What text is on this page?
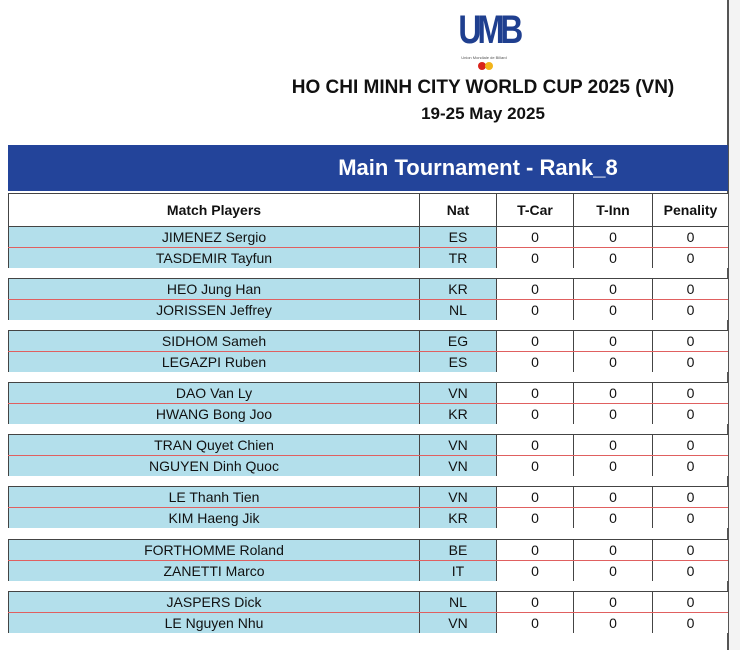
UMB
Union Mondiale de Billard
HO CHI MINH CITY WORLD CUP 2025 (VN)
19-25 May 2025
Main Tournament - Rank_8
Match Players	Nat	T-Car	T-Inn	Penality
JIMENEZ Sergio	ES	0	0	0
TASDEMIR Tayfun	TR	0	0	0
HEO Jung Han	KR	0	0	0
JORISSEN Jeffrey	NL	0	0	0
SIDHOM Sameh	EG	0	0	0
LEGAZPI Ruben	ES	0	0	0
DAO Van Ly	VN	0	0	0
HWANG Bong Joo	KR	0	0	0
TRAN Quyet Chien	VN	0	0	0
NGUYEN Dinh Quoc	VN	0	0	0
LE Thanh Tien	VN	0	0	0
KIM Haeng Jik	KR	0	0	0
FORTHOMME Roland	BE	0	0	0
ZANETTI Marco	IT	0	0	0
JASPERS Dick	NL	0	0	0
LE Nguyen Nhu	VN	0	0	0
